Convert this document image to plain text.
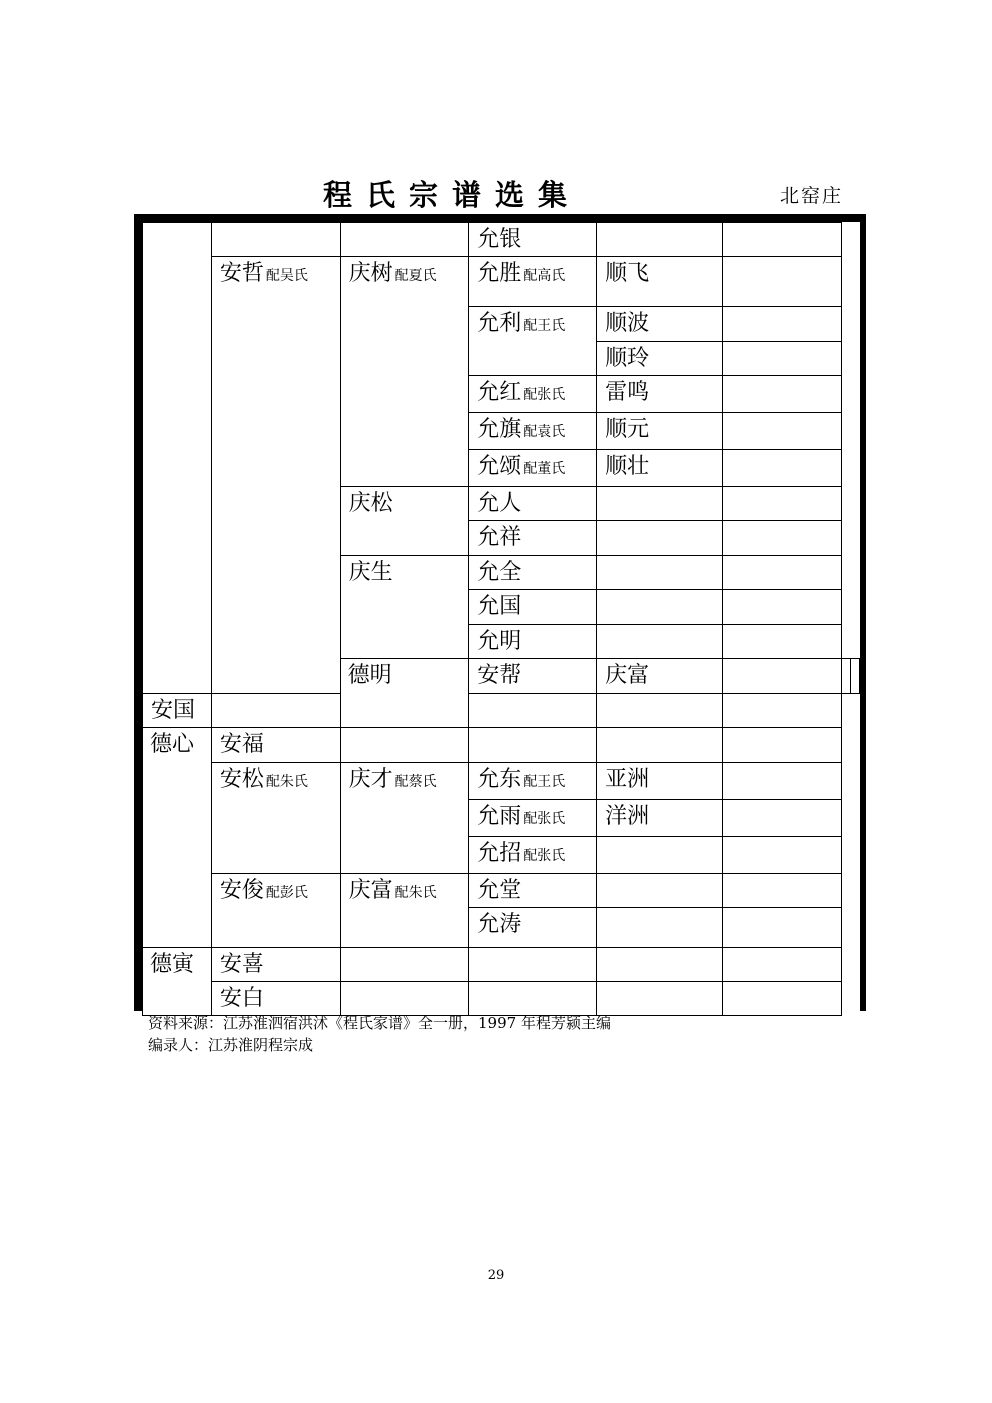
程氏宗谱选集	北窑庄
			允银				
	安哲 配吴氏	庆树 配夏氏	允胜 配高氏	顺飞			
			允利 配王氏	顺波			
				顺玲			
			允红 配张氏	雷鸣			
			允旗 配袁氏	顺元			
			允颂 配董氏	顺壮			
		庆松	允人				
			允祥				
		庆生	允全				
			允国				
			允明				
		德明	安帮	庆富			
安国							
德心	安福						
	安松 配朱氏	庆才 配蔡氏	允东 配王氏	亚洲			
			允雨 配张氏	洋洲			
			允招 配张氏				
	安俊 配彭氏	庆富 配朱氏	允堂				
			允涛				
德寅	安喜						
	安白						
资料来源：江苏淮泗宿洪沭《程氏家谱》全一册，1997 年程芳颍主编
编录人：江苏淮阴程宗成
29
